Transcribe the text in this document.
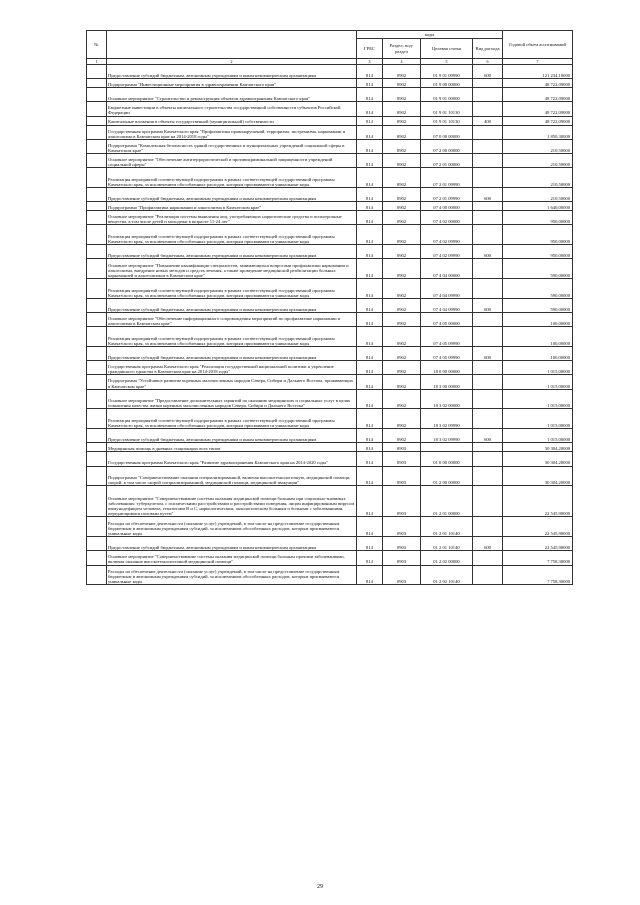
№		коды				Годовой объем ассигнований
		ГРБС	Раздел, под-раздел	Целевая статья	Вид расхода	
1	2	3	4	5	6	7
	Предоставление субсидий бюджетным, автономным учреждениям и иным некоммерческим организациям	814	0902	01 9 01 09990	600	121 234,10000
	Подпрограмма "Инвестиционные мероприятия в здравоохранении Камчатского края"	814	0902	01 9 00 00000		48 722,09000
	Основное мероприятие "Строительство и реконструкция объектов здравоохранения Камчатского края"	814	0902	01 9 01 00000		48 722,09000
	Бюджетные инвестиции в объекты капитального строительства государственной собственности субъектов Российской Федерации	814	0902	01 9 01 10130		48 722,09000
	Капитальные вложения в объекты государственной (муниципальной) собственности	814	0902	01 9 01 10130	400	48 722,09000
	Государственная программа Камчатского края "Профилактика правонарушений, терроризма, экстремизма, наркомании и алкоголизма в Камчатском крае на 2014-2018 годы"	814	0902	07 0 00 00000		1 850,30000
	Подпрограмма "Комплексная безопасность зданий государственных и муниципальных учреждений социальной сферы в Камчатском крае"	814	0902	07 2 00 00000		210,50000
	Основное мероприятие "Обеспечение антитеррористической и противокриминальной защищенности учреждений социальной сферы"	814	0902	07 2 01 00000		210,50000
	Реализация мероприятий соответствующей подпрограммы в рамках соответствующей государственной программы Камчатского края, за исключением обособленных расходов, которым присваиваются уникальные коды	814	0902	07 2 01 09990		210,50000
	Предоставление субсидий бюджетным, автономным учреждениям и иным некоммерческим организациям	814	0902	07 2 01 09990	600	210,50000
	Подпрограмма "Профилактика наркомании и алкоголизма в Камчатском крае"	814	0902	07 4 00 00000		1 640,00000
	Основное мероприятие "Реализация системы выявления лиц, употребляющих наркотические средства и психотропные вещества, в том числе детей и молодежи в возрасте 11-24 лет"	814	0902	07 4 02 00000		950,00000
	Реализация мероприятий соответствующей подпрограммы в рамках соответствующей государственной программы Камчатского края, за исключением обособленных расходов, которым присваиваются уникальные коды	814	0902	07 4 02 09990		950,00000
	Предоставление субсидий бюджетным, автономным учреждениям и иным некоммерческим организациям	814	0902	07 4 02 09990	600	950,00000
	Основное мероприятие "Повышение квалификации специалистов, занимающихся вопросами профилактики наркомании и алкоголизма, внедрение новых методов и средств лечения, а также проведение медицинской реабилитации больных наркоманией и алкоголизмом в Камчатском крае"	814	0902	07 4 04 00000		590,00000
	Реализация мероприятий соответствующей подпрограммы в рамках соответствующей государственной программы Камчатского края, за исключением обособленных расходов, которым присваиваются уникальные коды	814	0902	07 4 04 09990		590,00000
	Предоставление субсидий бюджетным, автономным учреждениям и иным некоммерческим организациям	814	0902	07 4 04 09990	600	590,00000
	Основное мероприятие "Обеспечение информационного сопровождения мероприятий по профилактике наркомании и алкоголизма в Камчатском крае"	814	0902	07 4 05 00000		100,00000
	Реализация мероприятий соответствующей подпрограммы в рамках соответствующей государственной программы Камчатского края, за исключением обособленных расходов, которым присваиваются уникальные коды	814	0902	07 4 05 09990		100,00000
	Предоставление субсидий бюджетным, автономным учреждениям и иным некоммерческим организациям	814	0902	07 4 05 09990	600	100,00000
	Государственная программа Камчатского края "Реализация государственной национальной политики и укрепление гражданского единства в Камчатском крае на 2014-2018 годы"	814	0902	18 0 00 00000		1 015,00000
	Подпрограмма "Устойчивое развитие коренных малочисленных народов Севера, Сибири и Дальнего Востока, проживающих в Камчатском крае"	814	0902	18 3 00 00000		1 015,00000
	Основное мероприятие "Предоставление дополнительных гарантий по оказанию медицинских и социальных услуг в целях повышения качества жизни коренных малочисленных народов Севера, Сибири и Дальнего Востока"	814	0902	18 3 02 00000		1 015,00000
	Реализация мероприятий соответствующей подпрограммы в рамках соответствующей государственной программы Камчатского края, за исключением обособленных расходов, которым присваиваются уникальные коды	814	0902	18 3 02 09990		1 015,00000
	Предоставление субсидий бюджетным, автономным учреждениям и иным некоммерческим организациям	814	0902	18 3 02 09990	600	1 015,00000
	Медицинская помощь в дневных стационарах всех типов	814	0903			30 304,20000
	Государственная программа Камчатского края "Развитие здравоохранения Камчатского края на 2014-2020 годы"	814	0903	01 0 00 00000		30 304,20000
	Подпрограмма "Совершенствование оказания специализированной, включая высокотехнологичную, медицинской помощи, скорой, в том числе скорой специализированной, медицинской помощи, медицинской эвакуации"	814	0903	01 2 00 00000		30 304,20000
	Основное мероприятие "Совершенствование системы оказания медицинской помощи больным при социально-значимых заболеваниях: туберкулезом, с психическими расстройствами и расстройствами поведения, лицам инфицированным вирусом иммунодефицита человека, гепатитами B и C, наркологическим, онкологическим больным и больным с заболеваниями, передающимися половым путем"	814	0903	01 2 01 00000		22 545,90000
	Расходы на обеспечение деятельности (оказание услуг) учреждений, в том числе на предоставление государственным бюджетным и автономным учреждениям субсидий, за исключением обособленных расходов, которым присваиваются уникальные коды	814	0903	01 2 01 10140		22 545,90000
	Предоставление субсидий бюджетным, автономным учреждениям и иным некоммерческим организациям	814	0903	01 2 01 10140	600	22 545,90000
	Основное мероприятие "Совершенствование системы оказания медицинской помощи больным прочими заболеваниями, включая оказание высокотехнологичной медицинской помощи"	814	0903	01 2 02 00000		7 758,30000
	Расходы на обеспечение деятельности (оказание услуг) учреждений, в том числе на предоставление государственным бюджетным и автономным учреждениям субсидий, за исключением обособленных расходов, которым присваиваются уникальные коды	814	0903	01 2 02 10140		7 758,30000
29
